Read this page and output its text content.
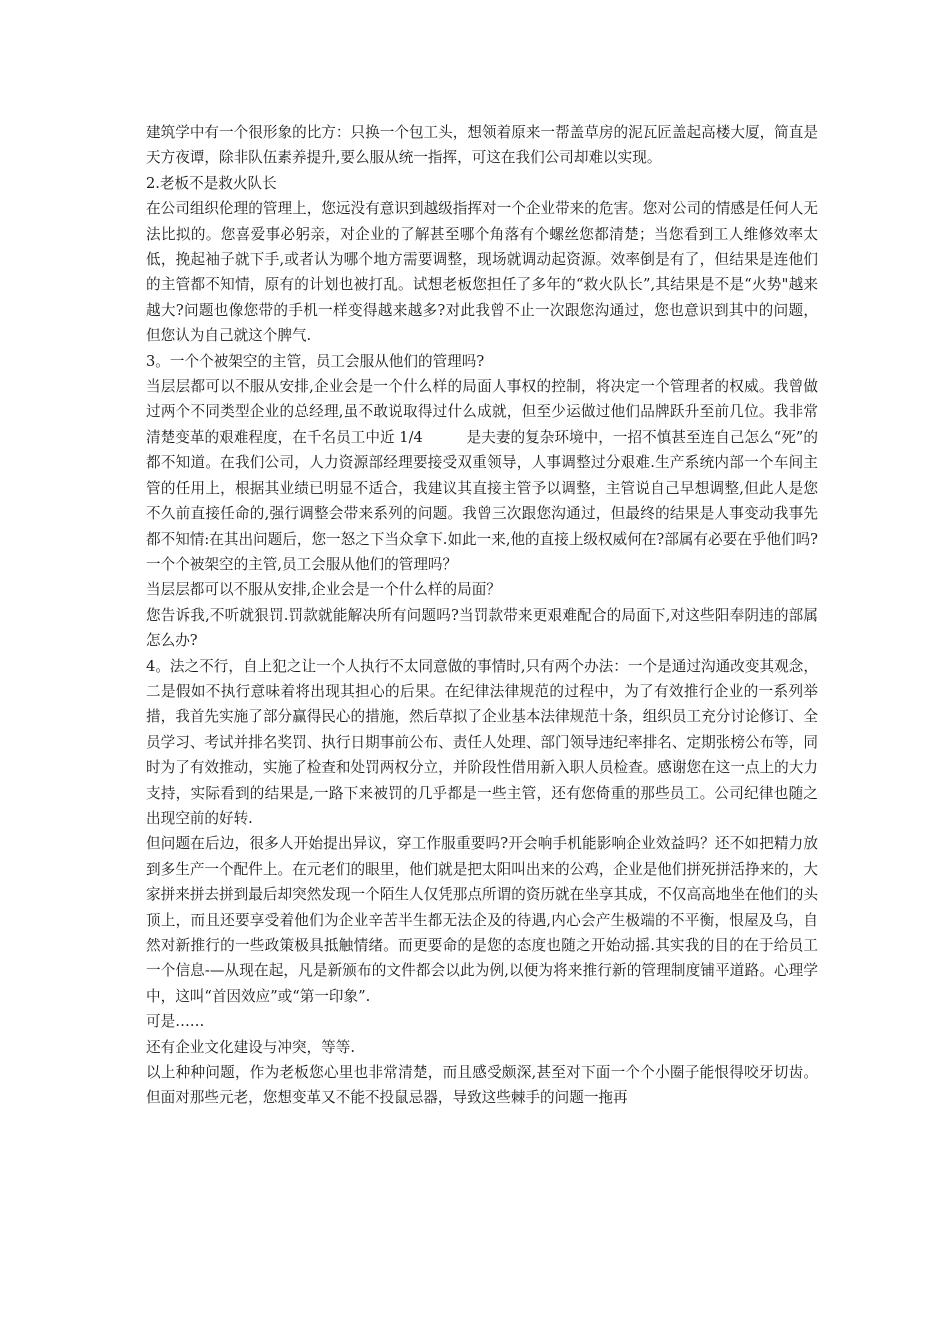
建筑学中有一个很形象的比方：只换一个包工头，想领着原来一帮盖草房的泥瓦匠盖起高楼大厦，简直是天方夜谭，除非队伍素养提升,要么服从统一指挥，可这在我们公司却难以实现。

2.老板不是救火队长

在公司组织伦理的管理上，您远没有意识到越级指挥对一个企业带来的危害。您对公司的情感是任何人无法比拟的。您喜爱事必躬亲，对企业的了解甚至哪个角落有个螺丝您都清楚；当您看到工人维修效率太低，挽起袖子就下手,或者认为哪个地方需要调整，现场就调动起资源。效率倒是有了，但结果是连他们的主管都不知情，原有的计划也被打乱。试想老板您担任了多年的“救火队长”,其结果是不是“火势"越来越大?问题也像您带的手机一样变得越来越多?对此我曾不止一次跟您沟通过，您也意识到其中的问题，但您认为自己就这个脾气.

3。一个个被架空的主管，员工会服从他们的管理吗?

当层层都可以不服从安排,企业会是一个什么样的局面人事权的控制，将决定一个管理者的权威。我曾做过两个不同类型企业的总经理,虽不敢说取得过什么成就，但至少运做过他们品牌跃升至前几位。我非常清楚变革的艰难程度，在千名员工中近 1/4　　　是夫妻的复杂环境中，一招不慎甚至连自己怎么“死”的都不知道。在我们公司，人力资源部经理要接受双重领导，人事调整过分艰难.生产系统内部一个车间主管的任用上，根据其业绩已明显不适合，我建议其直接主管予以调整，主管说自己早想调整,但此人是您不久前直接任命的,强行调整会带来系列的问题。我曾三次跟您沟通过，但最终的结果是人事变动我事先都不知情:在其出问题后，您一怒之下当众拿下.如此一来,他的直接上级权威何在?部属有必要在乎他们吗?一个个被架空的主管,员工会服从他们的管理吗？

当层层都可以不服从安排,企业会是一个什么样的局面？

您告诉我,不听就狠罚.罚款就能解决所有问题吗?当罚款带来更艰难配合的局面下,对这些阳奉阴违的部属怎么办?

4。法之不行，自上犯之让一个人执行不太同意做的事情时,只有两个办法：一个是通过沟通改变其观念，二是假如不执行意味着将出现其担心的后果。在纪律法律规范的过程中，为了有效推行企业的一系列举措，我首先实施了部分赢得民心的措施，然后草拟了企业基本法律规范十条，组织员工充分讨论修订、全员学习、考试并排名奖罚、执行日期事前公布、责任人处理、部门领导违纪率排名、定期张榜公布等，同时为了有效推动，实施了检查和处罚两权分立，并阶段性借用新入职人员检查。感谢您在这一点上的大力支持，实际看到的结果是,一路下来被罚的几乎都是一些主管，还有您倚重的那些员工。公司纪律也随之出现空前的好转.

但问题在后边，很多人开始提出异议，穿工作服重要吗?开会响手机能影响企业效益吗？还不如把精力放到多生产一个配件上。在元老们的眼里，他们就是把太阳叫出来的公鸡，企业是他们拼死拼活挣来的，大家拼来拼去拼到最后却突然发现一个陌生人仅凭那点所谓的资历就在坐享其成，不仅高高地坐在他们的头顶上，而且还要享受着他们为企业辛苦半生都无法企及的待遇,内心会产生极端的不平衡，恨屋及乌，自然对新推行的一些政策极具抵触情绪。而更要命的是您的态度也随之开始动摇.其实我的目的在于给员工一个信息-—从现在起，凡是新颁布的文件都会以此为例,以便为将来推行新的管理制度铺平道路。心理学中，这叫“首因效应”或“第一印象”.

可是……

还有企业文化建设与冲突，等等.

以上种种问题，作为老板您心里也非常清楚，而且感受颇深,甚至对下面一个个小圈子能恨得咬牙切齿。但面对那些元老，您想变革又不能不投鼠忌器，导致这些棘手的问题一拖再
